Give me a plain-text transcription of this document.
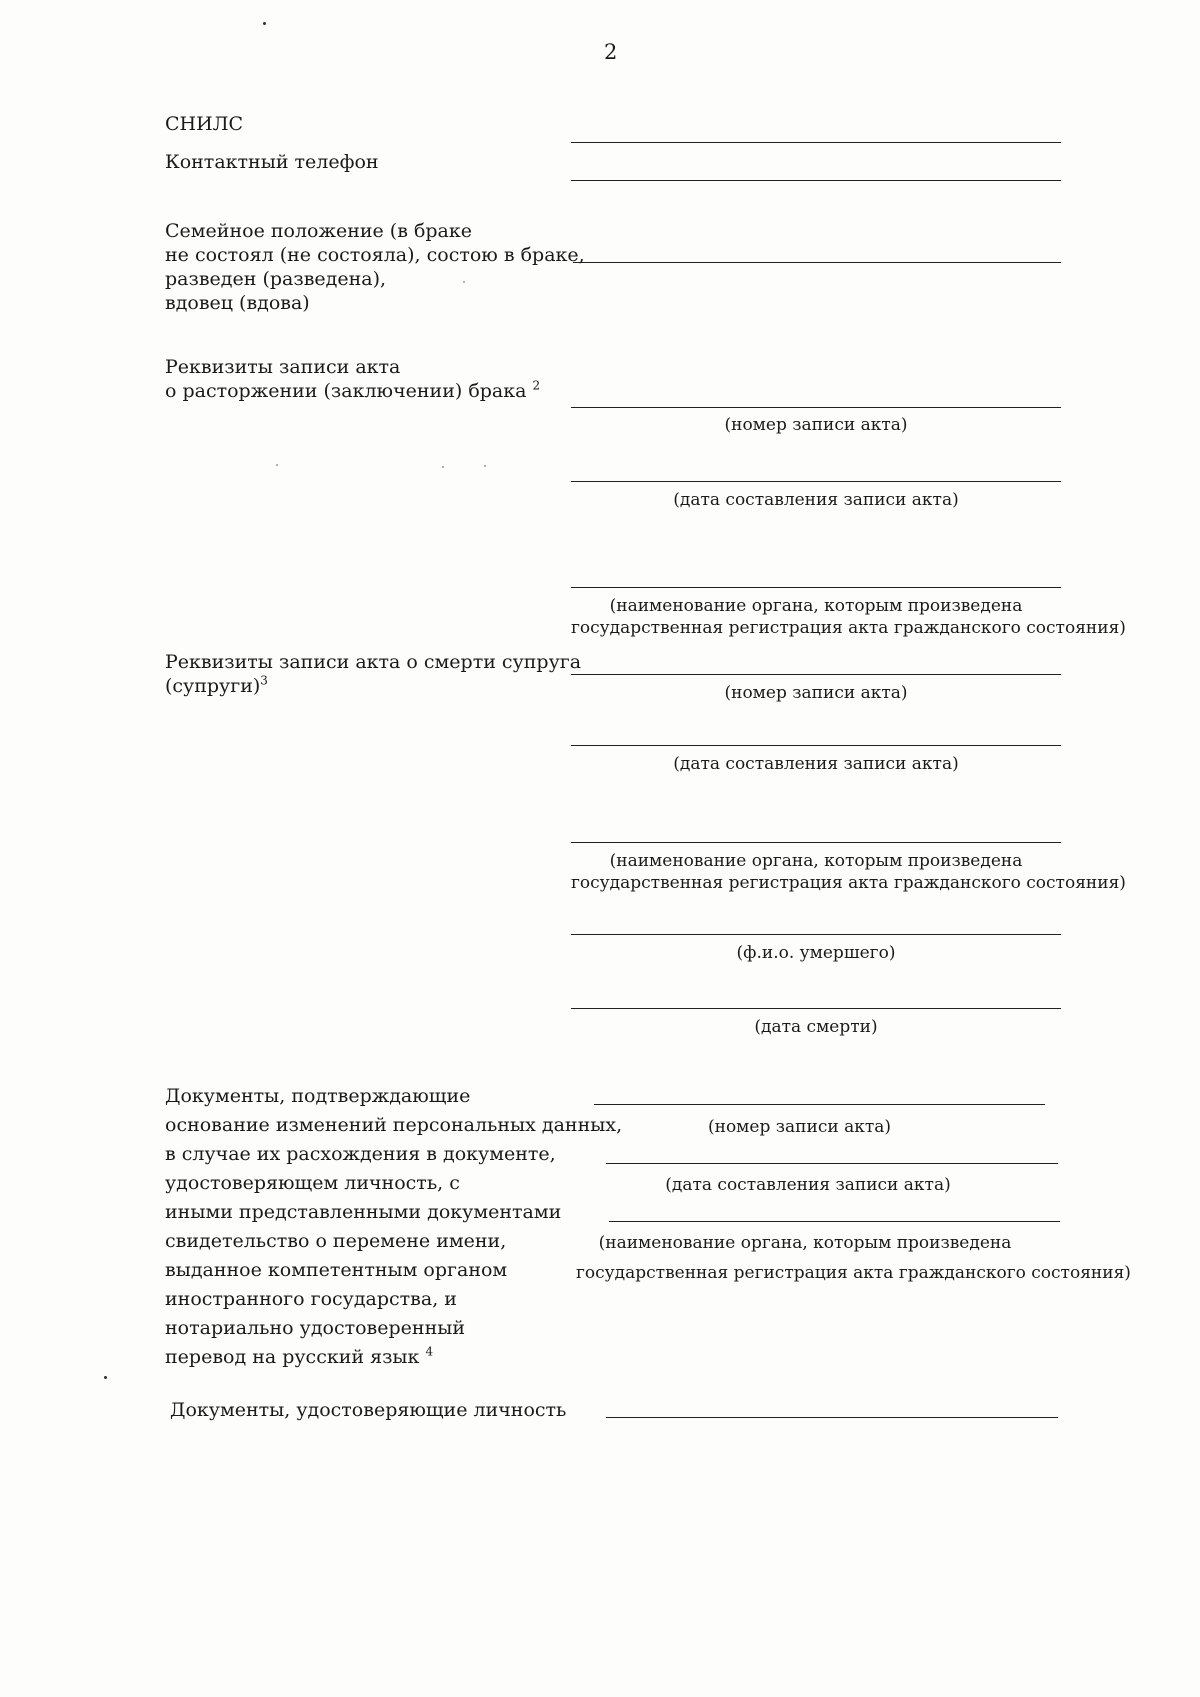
2
СНИЛС
Контактный телефон
Семейное положение (в браке
не состоял (не состояла), состою в браке,
разведен (разведена),
вдовец (вдова)
Реквизиты записи акта
о расторжении (заключении) брака $^2$
(номер записи акта)
(дата составления записи акта)
(наименование органа, которым произведена
государственная регистрация акта гражданского состояния)
Реквизиты записи акта о смерти супруга
(супруги)$^3$
(номер записи акта)
(дата составления записи акта)
(наименование органа, которым произведена
государственная регистрация акта гражданского состояния)
(ф.и.о. умершего)
(дата смерти)
Документы, подтверждающие
основание изменений персональных данных,
в случае их расхождения в документе,
удостоверяющем личность, с
иными представленными документами
свидетельство о перемене имени,
выданное компетентным органом
иностранного государства, и
нотариально удостоверенный
перевод на русский язык $^4$
(номер записи акта)
(дата составления записи акта)
(наименование органа, которым произведена
государственная регистрация акта гражданского состояния)
Документы, удостоверяющие личность
